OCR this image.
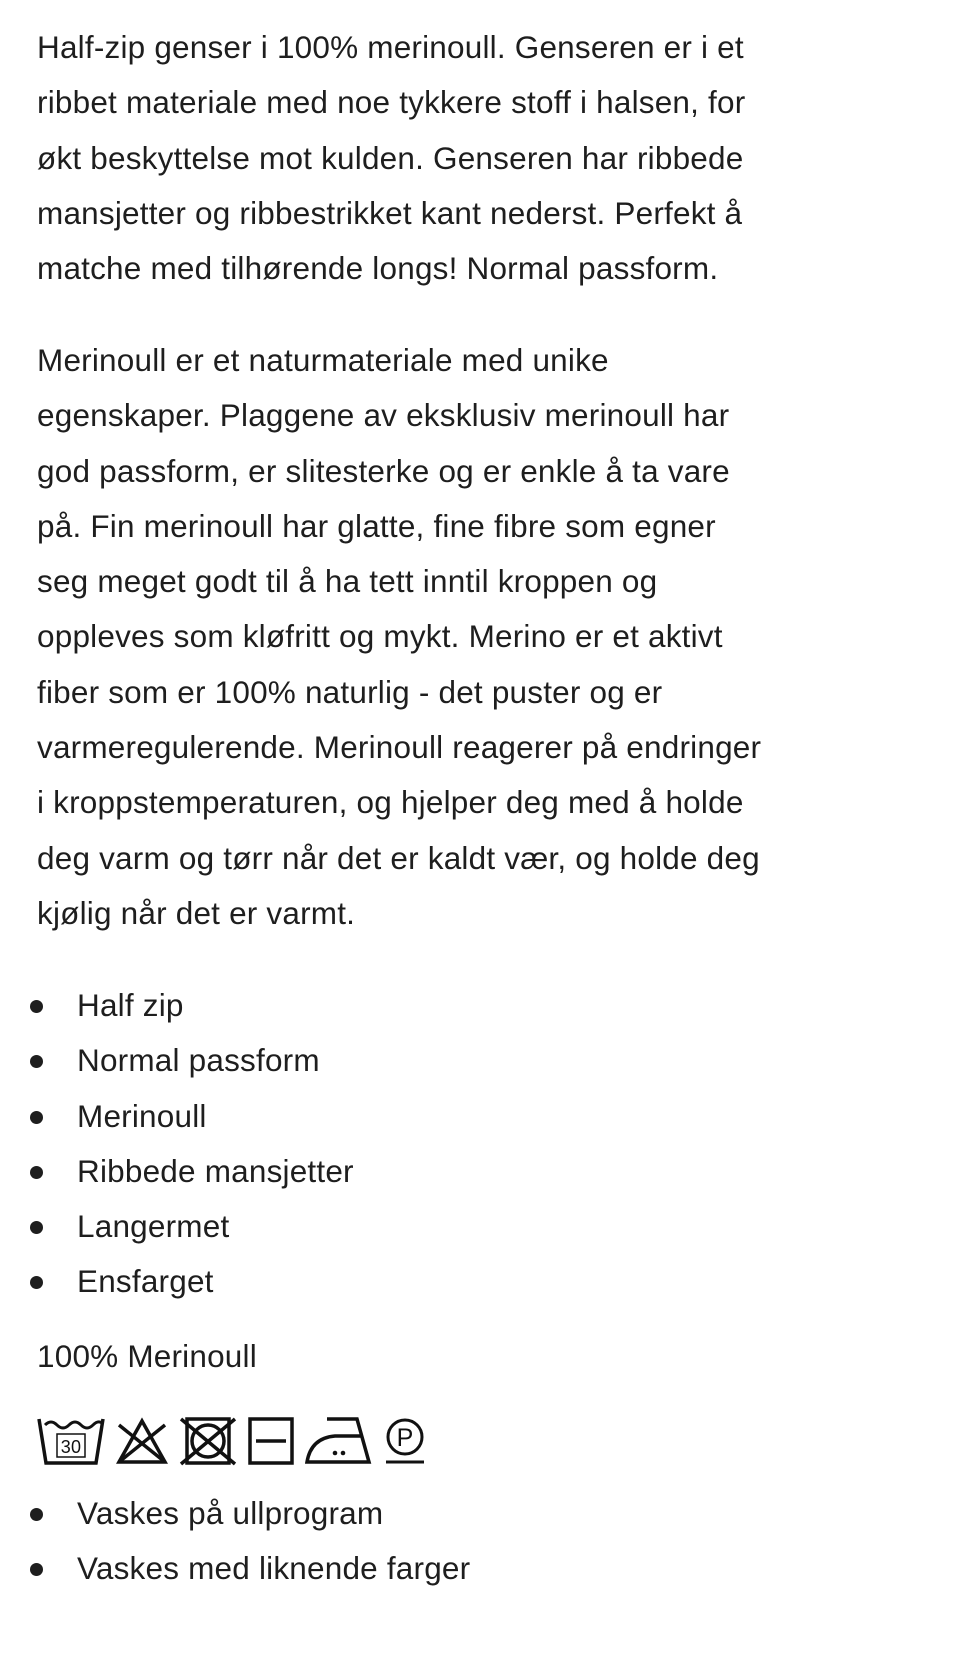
Half-zip genser i 100% merinoull. Genseren er i et
ribbet materiale med noe tykkere stoff i halsen, for
økt beskyttelse mot kulden. Genseren har ribbede
mansjetter og ribbestrikket kant nederst. Perfekt å
matche med tilhørende longs! Normal passform.
Merinoull er et naturmateriale med unike
egenskaper. Plaggene av eksklusiv merinoull har
god passform, er slitesterke og er enkle å ta vare
på. Fin merinoull har glatte, fine fibre som egner
seg meget godt til å ha tett inntil kroppen og
oppleves som kløfritt og mykt. Merino er et aktivt
fiber som er 100% naturlig - det puster og er
varmeregulerende. Merinoull reagerer på endringer
i kroppstemperaturen, og hjelper deg med å holde
deg varm og tørr når det er kaldt vær, og holde deg
kjølig når det er varmt.
Half zip
Normal passform
Merinoull
Ribbede mansjetter
Langermet
Ensfarget
100% Merinoull
30	P
Vaskes på ullprogram
Vaskes med liknende farger
